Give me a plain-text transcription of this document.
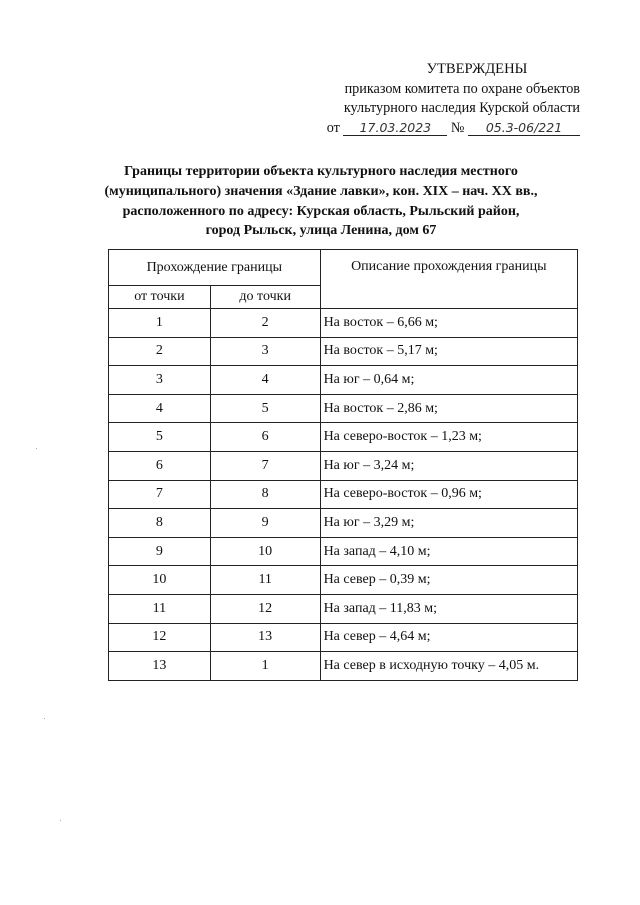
УТВЕРЖДЕНЫ
приказом комитета по охране объектов
культурного наследия Курской области
от 17.03.2023 № 05.3-06/221
Границы территории объекта культурного наследия местного
(муниципального) значения «Здание лавки», кон. XIX – нач. XX вв.,
расположенного по адресу: Курская область, Рыльский район,
город Рыльск, улица Ленина, дом 67
Прохождение границы		Описание прохождения границы
от точки	до точки	
1	2	На восток – 6,66 м;
2	3	На восток – 5,17 м;
3	4	На юг – 0,64 м;
4	5	На восток – 2,86 м;
5	6	На северо-восток – 1,23 м;
6	7	На юг – 3,24 м;
7	8	На северо-восток – 0,96 м;
8	9	На юг – 3,29 м;
9	10	На запад – 4,10 м;
10	11	На север – 0,39 м;
11	12	На запад – 11,83 м;
12	13	На север – 4,64 м;
13	1	На север в исходную точку – 4,05 м.
